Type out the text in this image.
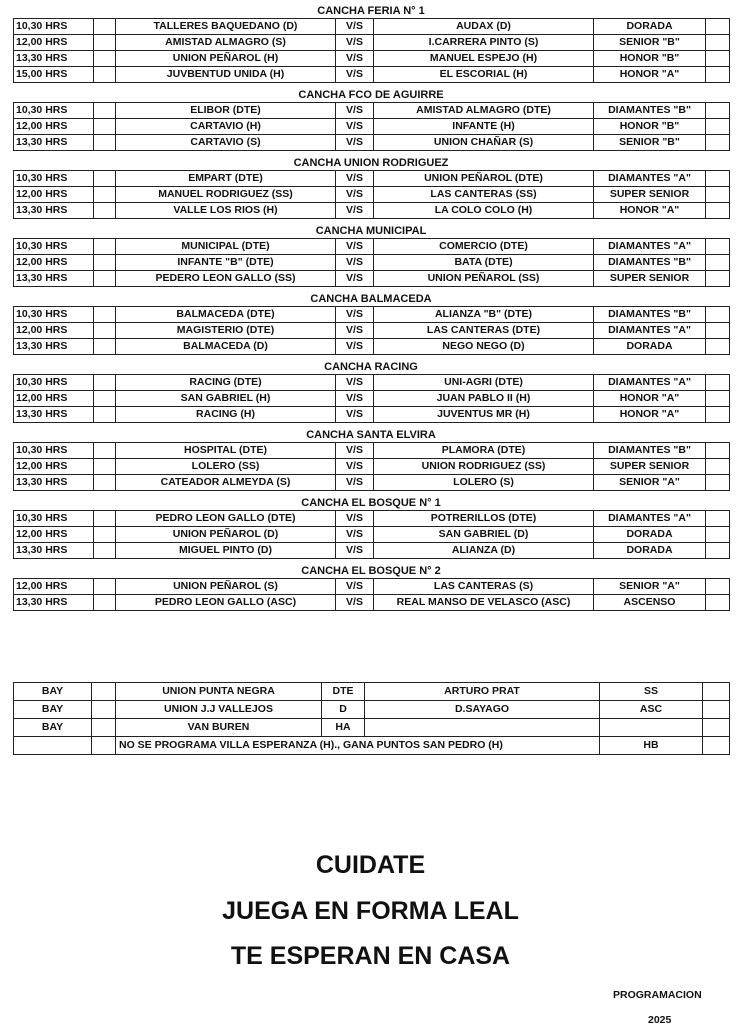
CANCHA FERIA N° 1
10,30 HRS		TALLERES BAQUEDANO (D)	V/S	AUDAX (D)	DORADA	
12,00 HRS		AMISTAD ALMAGRO (S)	V/S	I.CARRERA PINTO (S)	SENIOR "B"	
13,30 HRS		UNION PEÑAROL (H)	V/S	MANUEL ESPEJO (H)	HONOR "B"	
15,00 HRS		JUVBENTUD UNIDA (H)	V/S	EL ESCORIAL (H)	HONOR "A"	
CANCHA FCO DE AGUIRRE
10,30 HRS		ELIBOR (DTE)	V/S	AMISTAD ALMAGRO (DTE)	DIAMANTES "B"	
12,00 HRS		CARTAVIO (H)	V/S	INFANTE (H)	HONOR "B"	
13,30 HRS		CARTAVIO (S)	V/S	UNION CHAÑAR (S)	SENIOR "B"	
CANCHA UNION RODRIGUEZ
10,30 HRS		EMPART (DTE)	V/S	UNION PEÑAROL (DTE)	DIAMANTES "A"	
12,00 HRS		MANUEL RODRIGUEZ (SS)	V/S	LAS CANTERAS (SS)	SUPER SENIOR	
13,30 HRS		VALLE LOS RIOS (H)	V/S	LA COLO COLO (H)	HONOR "A"	
CANCHA MUNICIPAL
10,30 HRS		MUNICIPAL (DTE)	V/S	COMERCIO (DTE)	DIAMANTES "A"	
12,00 HRS		INFANTE "B" (DTE)	V/S	BATA (DTE)	DIAMANTES "B"	
13,30 HRS		PEDERO LEON GALLO (SS)	V/S	UNION PEÑAROL (SS)	SUPER SENIOR	
CANCHA BALMACEDA
10,30 HRS		BALMACEDA (DTE)	V/S	ALIANZA "B" (DTE)	DIAMANTES "B"	
12,00 HRS		MAGISTERIO (DTE)	V/S	LAS CANTERAS (DTE)	DIAMANTES "A"	
13,30 HRS		BALMACEDA (D)	V/S	NEGO NEGO (D)	DORADA	
CANCHA RACING
10,30 HRS		RACING (DTE)	V/S	UNI-AGRI (DTE)	DIAMANTES "A"	
12,00 HRS		SAN GABRIEL (H)	V/S	JUAN PABLO II (H)	HONOR "A"	
13,30 HRS		RACING (H)	V/S	JUVENTUS MR (H)	HONOR "A"	
CANCHA SANTA ELVIRA
10,30 HRS		HOSPITAL (DTE)	V/S	PLAMORA (DTE)	DIAMANTES "B"	
12,00 HRS		LOLERO (SS)	V/S	UNION RODRIGUEZ (SS)	SUPER SENIOR	
13,30 HRS		CATEADOR ALMEYDA (S)	V/S	LOLERO (S)	SENIOR "A"	
CANCHA EL BOSQUE N° 1
10,30 HRS		PEDRO LEON GALLO (DTE)	V/S	POTRERILLOS (DTE)	DIAMANTES "A"	
12,00 HRS		UNION PEÑAROL (D)	V/S	SAN GABRIEL (D)	DORADA	
13,30 HRS		MIGUEL PINTO (D)	V/S	ALIANZA (D)	DORADA	
CANCHA EL BOSQUE N° 2
12,00 HRS		UNION PEÑAROL (S)	V/S	LAS CANTERAS (S)	SENIOR "A"	
13,30 HRS		PEDRO LEON GALLO (ASC)	V/S	REAL MANSO DE VELASCO (ASC)	ASCENSO	
BAY		UNION PUNTA NEGRA	DTE	ARTURO PRAT	SS	
BAY		UNION J.J VALLEJOS	D	D.SAYAGO	ASC	
BAY		VAN BUREN	HA			
		NO SE PROGRAMA VILLA ESPERANZA (H)., GANA PUNTOS SAN PEDRO (H)			HB	
CUIDATE
JUEGA EN FORMA LEAL
TE ESPERAN EN CASA
PROGRAMACION
2025
